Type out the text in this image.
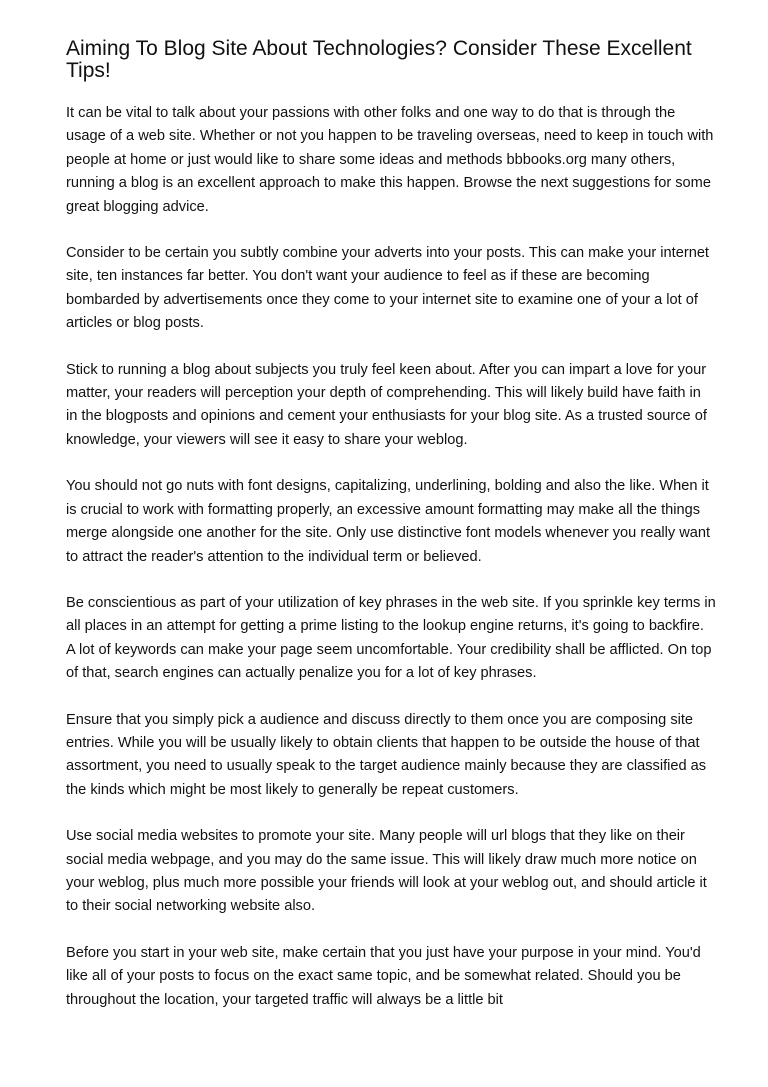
Aiming To Blog Site About Technologies? Consider These Excellent Tips!

It can be vital to talk about your passions with other folks and one way to do that is through the usage of a web site. Whether or not you happen to be traveling overseas, need to keep in touch with people at home or just would like to share some ideas and methods bbbooks.org many others, running a blog is an excellent approach to make this happen. Browse the next suggestions for some great blogging advice.

Consider to be certain you subtly combine your adverts into your posts. This can make your internet site, ten instances far better. You don't want your audience to feel as if these are becoming bombarded by advertisements once they come to your internet site to examine one of your a lot of articles or blog posts.

Stick to running a blog about subjects you truly feel keen about. After you can impart a love for your matter, your readers will perception your depth of comprehending. This will likely build have faith in in the blogposts and opinions and cement your enthusiasts for your blog site. As a trusted source of knowledge, your viewers will see it easy to share your weblog.

You should not go nuts with font designs, capitalizing, underlining, bolding and also the like. When it is crucial to work with formatting properly, an excessive amount formatting may make all the things merge alongside one another for the site. Only use distinctive font models whenever you really want to attract the reader's attention to the individual term or believed.

Be conscientious as part of your utilization of key phrases in the web site. If you sprinkle key terms in all places in an attempt for getting a prime listing to the lookup engine returns, it's going to backfire. A lot of keywords can make your page seem uncomfortable. Your credibility shall be afflicted. On top of that, search engines can actually penalize you for a lot of key phrases.

Ensure that you simply pick a audience and discuss directly to them once you are composing site entries. While you will be usually likely to obtain clients that happen to be outside the house of that assortment, you need to usually speak to the target audience mainly because they are classified as the kinds which might be most likely to generally be repeat customers.

Use social media websites to promote your site. Many people will url blogs that they like on their social media webpage, and you may do the same issue. This will likely draw much more notice on your weblog, plus much more possible your friends will look at your weblog out, and should article it to their social networking website also.

Before you start in your web site, make certain that you just have your purpose in your mind. You'd like all of your posts to focus on the exact same topic, and be somewhat related. Should you be throughout the location, your targeted traffic will always be a little bit
